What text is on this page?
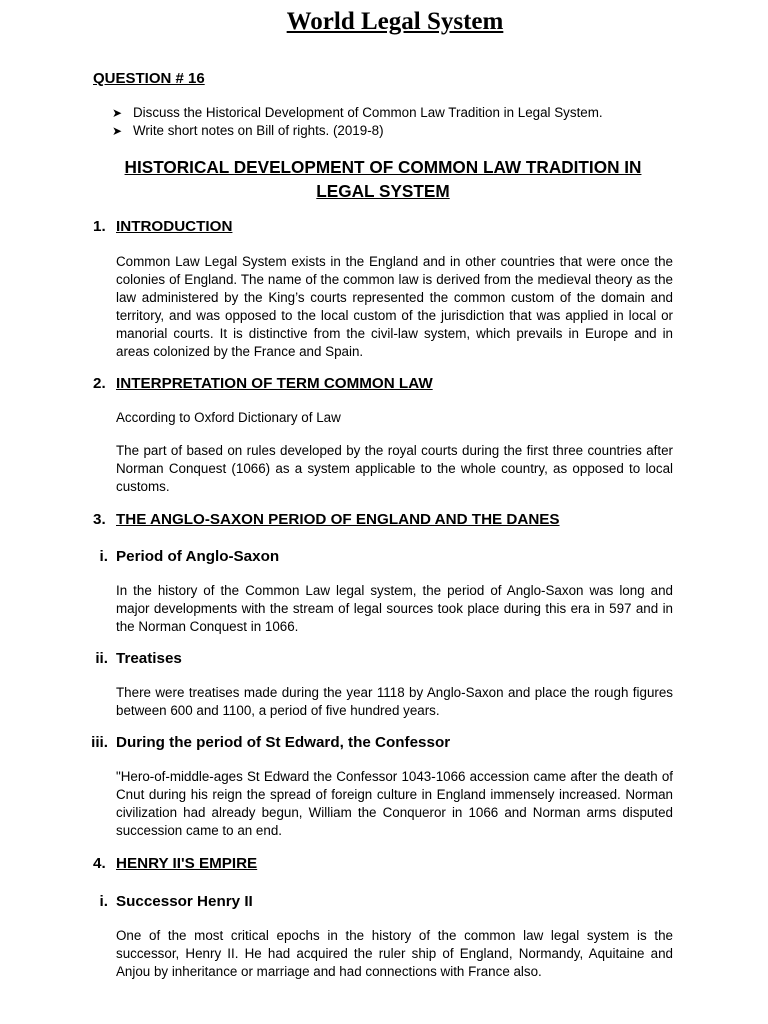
World Legal System

QUESTION # 16

➤ Discuss the Historical Development of Common Law Tradition in Legal System.
➤ Write short notes on Bill of rights. (2019-8)
HISTORICAL DEVELOPMENT OF COMMON LAW TRADITION IN LEGAL SYSTEM
1. INTRODUCTION

Common Law Legal System exists in the England and in other countries that were once the colonies of England. The name of the common law is derived from the medieval theory as the law administered by the King’s courts represented the common custom of the domain and territory, and was opposed to the local custom of the jurisdiction that was applied in local or manorial courts. It is distinctive from the civil-law system, which prevails in Europe and in areas colonized by the France and Spain.

2. INTERPRETATION OF TERM COMMON LAW

According to Oxford Dictionary of Law

The part of based on rules developed by the royal courts during the first three countries after Norman Conquest (1066) as a system applicable to the whole country, as opposed to local customs.

3. THE ANGLO-SAXON PERIOD OF ENGLAND AND THE DANES
i. Period of Anglo-Saxon

In the history of the Common Law legal system, the period of Anglo-Saxon was long and major developments with the stream of legal sources took place during this era in 597 and in the Norman Conquest in 1066.

ii. Treatises

There were treatises made during the year 1118 by Anglo-Saxon and place the rough figures between 600 and 1100, a period of five hundred years.

iii. During the period of St Edward, the Confessor

"Hero-of-middle-ages St Edward the Confessor 1043-1066 accession came after the death of Cnut during his reign the spread of foreign culture in England immensely increased. Norman civilization had already begun, William the Conqueror in 1066 and Norman arms disputed succession came to an end.

4. HENRY II'S EMPIRE
i. Successor Henry II

One of the most critical epochs in the history of the common law legal system is the successor, Henry II. He had acquired the ruler ship of England, Normandy, Aquitaine and Anjou by inheritance or marriage and had connections with France also.
